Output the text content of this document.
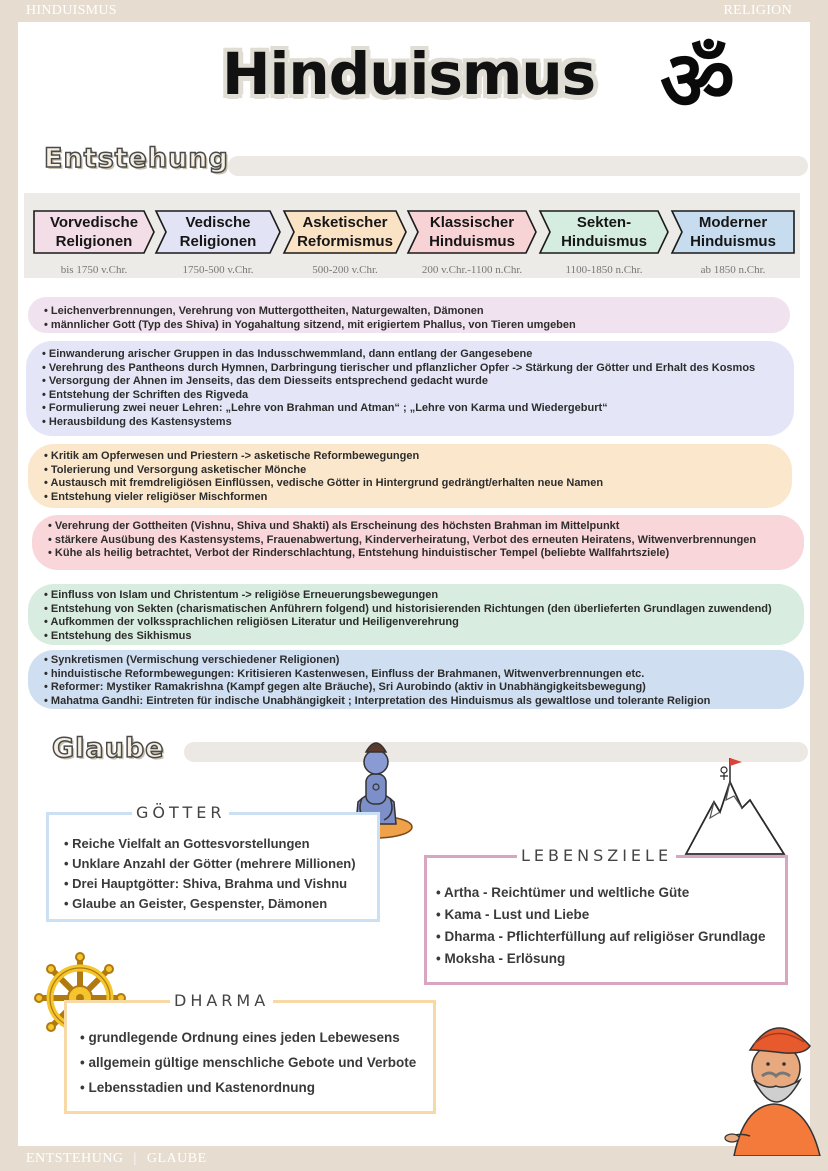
HINDUISMUS	RELIGION
Hinduismus ॐ
Entstehung
Vorvedische
Religionen
bis 1750 v.Chr.
Vedische
Religionen
1750-500 v.Chr.
Asketischer
Reformismus
500-200 v.Chr.
Klassischer
Hinduismus
200 v.Chr.-1100 n.Chr.
Sekten-
Hinduismus
1100-1850 n.Chr.
Moderner
Hinduismus
ab 1850 n.Chr.
• Leichenverbrennungen, Verehrung von Muttergottheiten, Naturgewalten, Dämonen
• männlicher Gott (Typ des Shiva) in Yogahaltung sitzend, mit erigiertem Phallus, von Tieren umgeben
• Einwanderung arischer Gruppen in das Indusschwemmland, dann entlang der Gangesebene
• Verehrung des Pantheons durch Hymnen, Darbringung tierischer und pflanzlicher Opfer -> Stärkung der Götter und Erhalt des Kosmos
• Versorgung der Ahnen im Jenseits, das dem Diesseits entsprechend gedacht wurde
• Entstehung der Schriften des Rigveda
• Formulierung zwei neuer Lehren: „Lehre von Brahman und Atman“ ; „Lehre von Karma und Wiedergeburt“
• Herausbildung des Kastensystems
• Kritik am Opferwesen und Priestern -> asketische Reformbewegungen
• Tolerierung und Versorgung asketischer Mönche
• Austausch mit fremdreligiösen Einflüssen, vedische Götter in Hintergrund gedrängt/erhalten neue Namen
• Entstehung vieler religiöser Mischformen
• Verehrung der Gottheiten (Vishnu, Shiva und Shakti) als Erscheinung des höchsten Brahman im Mittelpunkt
• stärkere Ausübung des Kastensystems, Frauenabwertung, Kinderverheiratung, Verbot des erneuten Heiratens, Witwenverbrennungen
• Kühe als heilig betrachtet, Verbot der Rinderschlachtung, Entstehung hinduistischer Tempel (beliebte Wallfahrtsziele)
• Einfluss von Islam und Christentum -> religiöse Erneuerungsbewegungen
• Entstehung von Sekten (charismatischen Anführern folgend) und historisierenden Richtungen (den überlieferten Grundlagen zuwendend)
• Aufkommen der volkssprachlichen religiösen Literatur und Heiligenverehrung
• Entstehung des Sikhismus
• Synkretismen (Vermischung verschiedener Religionen)
• hinduistische Reformbewegungen: Kritisieren Kastenwesen, Einfluss der Brahmanen, Witwenverbrennungen etc.
• Reformer: Mystiker Ramakrishna (Kampf gegen alte Bräuche), Sri Aurobindo (aktiv in Unabhängigkeitsbewegung)
• Mahatma Gandhi: Eintreten für indische Unabhängigkeit ; Interpretation des Hinduismus als gewaltlose und tolerante Religion
Glaube
GÖTTER
• Reiche Vielfalt an Gottesvorstellungen
• Unklare Anzahl der Götter (mehrere Millionen)
• Drei Hauptgötter: Shiva, Brahma und Vishnu
• Glaube an Geister, Gespenster, Dämonen
LEBENSZIELE
• Artha - Reichtümer und weltliche Güte
• Kama - Lust und Liebe
• Dharma - Pflichterfüllung auf religiöser Grundlage
• Moksha - Erlösung
DHARMA
• grundlegende Ordnung eines jeden Lebewesens
• allgemein gültige menschliche Gebote und Verbote
• Lebensstadien und Kastenordnung
ENTSTEHUNG | GLAUBE
